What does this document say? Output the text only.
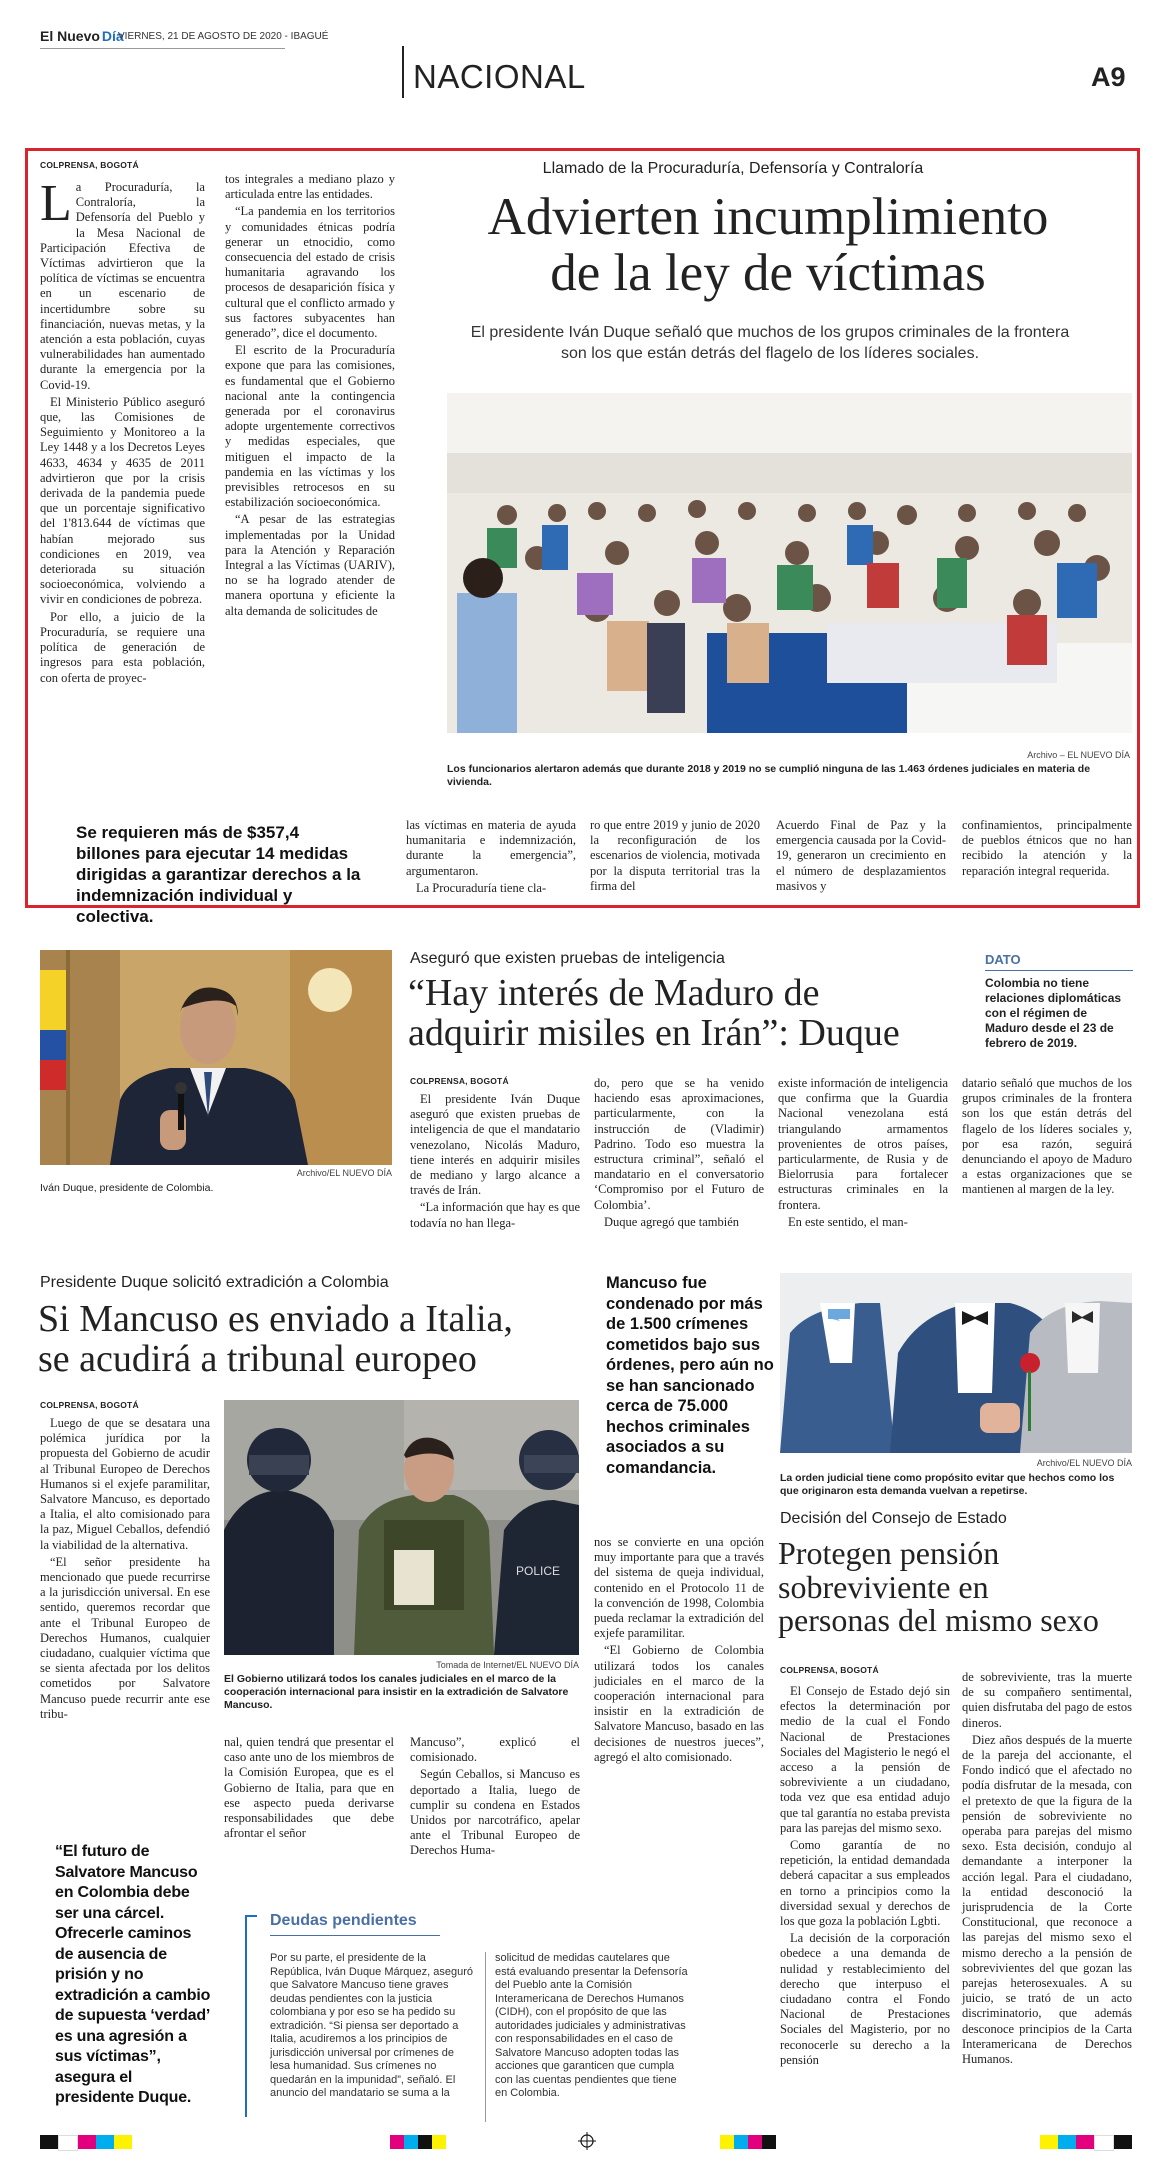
El Nuevo Día
VIERNES, 21 DE AGOSTO DE 2020 - IBAGUÉ
NACIONAL	A9
COLPRENSA, BOGOTÁ

La Procuraduría, la Contraloría, la Defensoría del Pueblo y la Mesa Nacional de Participación Efectiva de Víctimas advirtieron que la política de víctimas se encuentra en un escenario de incertidumbre sobre su financiación, nuevas metas, y la atención a esta población, cuyas vulnerabilidades han aumentado durante la emergencia por la Covid-19.

El Ministerio Público aseguró que, las Comisiones de Seguimiento y Monitoreo a la Ley 1448 y a los Decretos Leyes 4633, 4634 y 4635 de 2011 advirtieron que por la crisis derivada de la pandemia puede que un porcentaje significativo del 1'813.644 de víctimas que habían mejorado sus condiciones en 2019, vea deteriorada su situación socioeconómica, volviendo a vivir en condiciones de pobreza.

Por ello, a juicio de la Procuraduría, se requiere una política de generación de ingresos para esta población, con oferta de proyec-

tos integrales a mediano plazo y articulada entre las entidades.

“La pandemia en los territorios y comunidades étnicas podría generar un etnocidio, como consecuencia del estado de crisis humanitaria agravando los procesos de desaparición física y cultural que el conflicto armado y sus factores subyacentes han generado”, dice el documento.

El escrito de la Procuraduría expone que para las comisiones, es fundamental que el Gobierno nacional ante la contingencia generada por el coronavirus adopte urgentemente correctivos y medidas especiales, que mitiguen el impacto de la pandemia en las víctimas y los previsibles retrocesos en su estabilización socioeconómica.

“A pesar de las estrategias implementadas por la Unidad para la Atención y Reparación Integral a las Víctimas (UARIV), no se ha logrado atender de manera oportuna y eficiente la alta demanda de solicitudes de

Llamado de la Procuraduría, Defensoría y Contraloría
Advierten incumplimiento
de la ley de víctimas
El presidente Iván Duque señaló que muchos de los grupos criminales de la frontera son los que están detrás del flagelo de los líderes sociales.
Archivo – EL NUEVO DÍA
Los funcionarios alertaron además que durante 2018 y 2019 no se cumplió ninguna de las 1.463 órdenes judiciales en materia de vivienda.
Se requieren más de $357,4 billones para ejecutar 14 medidas dirigidas a garantizar derechos a la indemnización individual y colectiva.

las víctimas en materia de ayuda humanitaria e indemnización, durante la emergencia”, argumentaron.

La Procuraduría tiene cla-

ro que entre 2019 y junio de 2020 la reconfiguración de los escenarios de violencia, motivada por la disputa territorial tras la firma del

Acuerdo Final de Paz y la emergencia causada por la Covid-19, generaron un crecimiento en el número de desplazamientos masivos y

confinamientos, principalmente de pueblos étnicos que no han recibido la atención y la reparación integral requerida.

Archivo/EL NUEVO DÍA
Iván Duque, presidente de Colombia.
Aseguró que existen pruebas de inteligencia
“Hay interés de Maduro de
adquirir misiles en Irán”: Duque
DATO
Colombia no tiene relaciones diplomáticas con el régimen de Maduro desde el 23 de febrero de 2019.
COLPRENSA, BOGOTÁ

El presidente Iván Duque aseguró que existen pruebas de inteligencia de que el mandatario venezolano, Nicolás Maduro, tiene interés en adquirir misiles de mediano y largo alcance a través de Irán.

“La información que hay es que todavía no han llega-

do, pero que se ha venido haciendo esas aproximaciones, particularmente, con la instrucción de (Vladimir) Padrino. Todo eso muestra la estructura criminal”, señaló el mandatario en el conversatorio ‘Compromiso por el Futuro de Colombia’.

Duque agregó que también

existe información de inteligencia que confirma que la Guardia Nacional venezolana está triangulando armamentos provenientes de otros países, particularmente, de Rusia y de Bielorrusia para fortalecer estructuras criminales en la frontera.

En este sentido, el man-

datario señaló que muchos de los grupos criminales de la frontera son los que están detrás del flagelo de los líderes sociales y, por esa razón, seguirá denunciando el apoyo de Maduro a estas organizaciones que se mantienen al margen de la ley.

Presidente Duque solicitó extradición a Colombia
Si Mancuso es enviado a Italia,
se acudirá a tribunal europeo
COLPRENSA, BOGOTÁ

Luego de que se desatara una polémica jurídica por la propuesta del Gobierno de acudir al Tribunal Europeo de Derechos Humanos si el exjefe paramilitar, Salvatore Mancuso, es deportado a Italia, el alto comisionado para la paz, Miguel Ceballos, defendió la viabilidad de la alternativa.

“El señor presidente ha mencionado que puede recurrirse a la jurisdicción universal. En ese sentido, queremos recordar que ante el Tribunal Europeo de Derechos Humanos, cualquier ciudadano, cualquier víctima que se sienta afectada por los delitos cometidos por Salvatore Mancuso puede recurrir ante ese tribu-

POLICE
Tomada de Internet/EL NUEVO DÍA
El Gobierno utilizará todos los canales judiciales en el marco de la cooperación internacional para insistir en la extradición de Salvatore Mancuso.
Mancuso fue condenado por más de 1.500 crímenes cometidos bajo sus órdenes, pero aún no se han sancionado cerca de 75.000 hechos criminales asociados a su comandancia.

nos se convierte en una opción muy importante para que a través del sistema de queja individual, contenido en el Protocolo 11 de la convención de 1998, Colombia pueda reclamar la extradición del exjefe paramilitar.

“El Gobierno de Colombia utilizará todos los canales judiciales en el marco de la cooperación internacional para insistir en la extradición de Salvatore Mancuso, basado en las decisiones de nuestros jueces”, agregó el alto comisionado.

nal, quien tendrá que presentar el caso ante uno de los miembros de la Comisión Europea, que es el Gobierno de Italia, para que en ese aspecto pueda derivarse responsabilidades que debe afrontar el señor

Mancuso”, explicó el comisionado.

Según Ceballos, si Mancuso es deportado a Italia, luego de cumplir su condena en Estados Unidos por narcotráfico, apelar ante el Tribunal Europeo de Derechos Huma-

“El futuro de Salvatore Mancuso en Colombia debe ser una cárcel. Ofrecerle caminos de ausencia de prisión y no extradición a cambio de supuesta ‘verdad’ es una agresión a sus víctimas”, asegura el presidente Duque.
Deudas pendientes
Por su parte, el presidente de la República, Iván Duque Márquez, aseguró que Salvatore Mancuso tiene graves deudas pendientes con la justicia colombiana y por eso se ha pedido su extradición. “Si piensa ser deportado a Italia, acudiremos a los principios de jurisdicción universal por crímenes de lesa humanidad. Sus crímenes no quedarán en la impunidad”, señaló. El anuncio del mandatario se suma a la
solicitud de medidas cautelares que está evaluando presentar la Defensoría del Pueblo ante la Comisión Interamericana de Derechos Humanos (CIDH), con el propósito de que las autoridades judiciales y administrativas con responsabilidades en el caso de Salvatore Mancuso adopten todas las acciones que garanticen que cumpla con las cuentas pendientes que tiene en Colombia.
Archivo/EL NUEVO DÍA
La orden judicial tiene como propósito evitar que hechos como los que originaron esta demanda vuelvan a repetirse.
Decisión del Consejo de Estado
Protegen pensión
sobreviviente en
personas del mismo sexo
COLPRENSA, BOGOTÁ

El Consejo de Estado dejó sin efectos la determinación por medio de la cual el Fondo Nacional de Prestaciones Sociales del Magisterio le negó el acceso a la pensión de sobreviviente a un ciudadano, toda vez que esa entidad adujo que tal garantía no estaba prevista para las parejas del mismo sexo.

Como garantía de no repetición, la entidad demandada deberá capacitar a sus empleados en torno a principios como la diversidad sexual y derechos de los que goza la población Lgbti.

La decisión de la corporación obedece a una demanda de nulidad y restablecimiento del derecho que interpuso el ciudadano contra el Fondo Nacional de Prestaciones Sociales del Magisterio, por no reconocerle su derecho a la pensión

de sobreviviente, tras la muerte de su compañero sentimental, quien disfrutaba del pago de estos dineros.

Diez años después de la muerte de la pareja del accionante, el Fondo indicó que el afectado no podía disfrutar de la mesada, con el pretexto de que la figura de la pensión de sobreviviente no operaba para parejas del mismo sexo. Esta decisión, condujo al demandante a interponer la acción legal. Para el ciudadano, la entidad desconoció la jurisprudencia de la Corte Constitucional, que reconoce a las parejas del mismo sexo el mismo derecho a la pensión de sobrevivientes del que gozan las parejas heterosexuales. A su juicio, se trató de un acto discriminatorio, que además desconoce principios de la Carta Interamericana de Derechos Humanos.
